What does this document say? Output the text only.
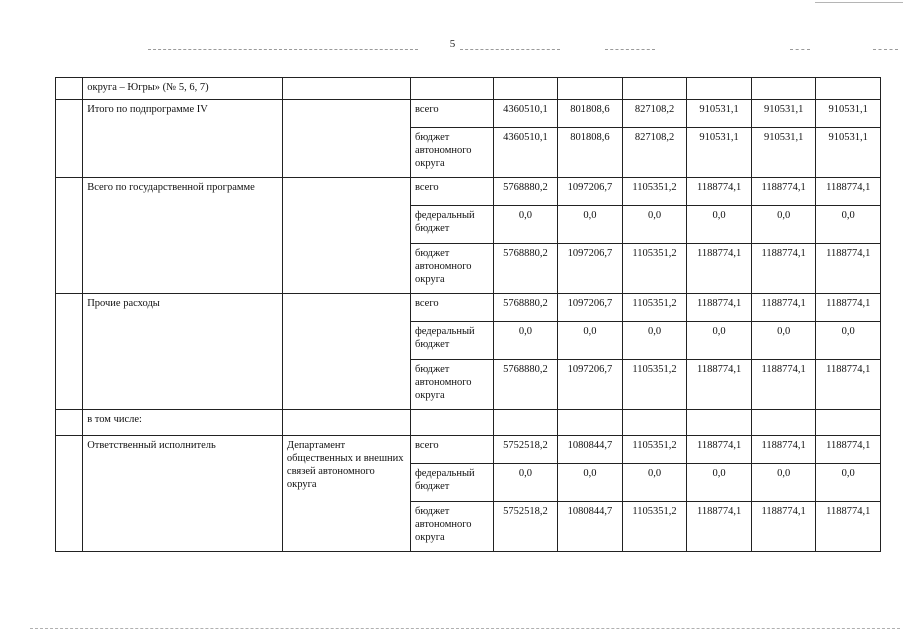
5
	округа – Югры» (№ 5, 6, 7)								
	Итого по подпрограмме IV		всего	4360510,1	801808,6	827108,2	910531,1	910531,1	910531,1
			бюджет автономного округа	4360510,1	801808,6	827108,2	910531,1	910531,1	910531,1
	Всего по государственной программе		всего	5768880,2	1097206,7	1105351,2	1188774,1	1188774,1	1188774,1
			федеральный бюджет	0,0	0,0	0,0	0,0	0,0	0,0
			бюджет автономного округа	5768880,2	1097206,7	1105351,2	1188774,1	1188774,1	1188774,1
	Прочие расходы		всего	5768880,2	1097206,7	1105351,2	1188774,1	1188774,1	1188774,1
			федеральный бюджет	0,0	0,0	0,0	0,0	0,0	0,0
			бюджет автономного округа	5768880,2	1097206,7	1105351,2	1188774,1	1188774,1	1188774,1
	в том числе:								
	Ответственный исполнитель	Департамент общественных и внешних связей автономного округа	всего	5752518,2	1080844,7	1105351,2	1188774,1	1188774,1	1188774,1
			федеральный бюджет	0,0	0,0	0,0	0,0	0,0	0,0
			бюджет автономного округа	5752518,2	1080844,7	1105351,2	1188774,1	1188774,1	1188774,1
